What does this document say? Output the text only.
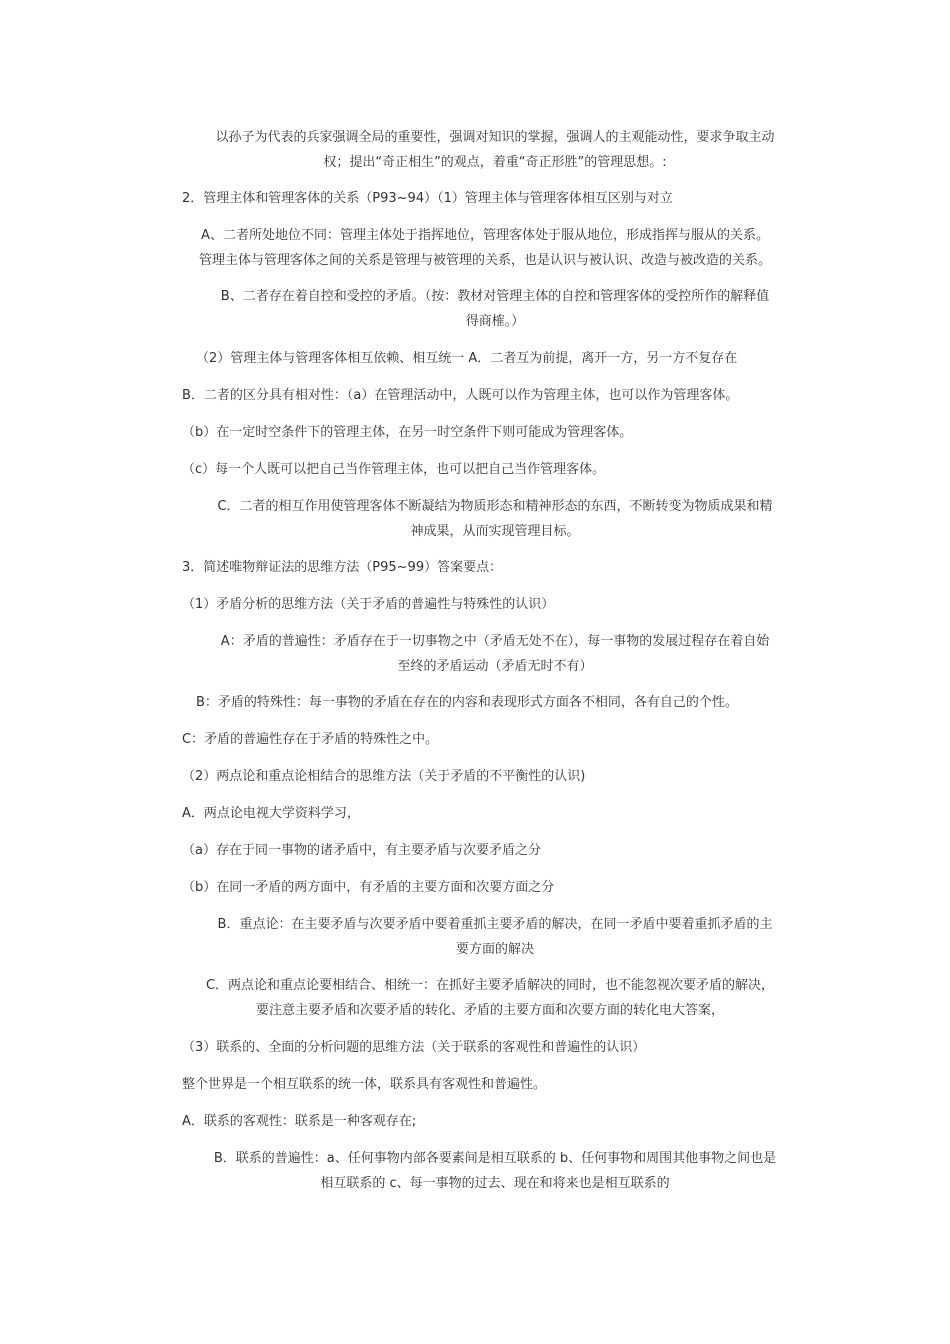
以孙子为代表的兵家强调全局的重要性，强调对知识的掌握，强调人的主观能动性，要求争取主动
权；提出“奇正相生”的观点，着重“奇正形胜”的管理思想。:
2．管理主体和管理客体的关系（P93~94）（1）管理主体与管理客体相互区别与对立
A、二者所处地位不同：管理主体处于指挥地位，管理客体处于服从地位，形成指挥与服从的关系。
管理主体与管理客体之间的关系是管理与被管理的关系，也是认识与被认识、改造与被改造的关系。
B、二者存在着自控和受控的矛盾。（按：教材对管理主体的自控和管理客体的受控所作的解释值
得商榷。）
（2）管理主体与管理客体相互依赖、相互统一 A．二者互为前提，离开一方，另一方不复存在
B．二者的区分具有相对性：（a）在管理活动中，人既可以作为管理主体，也可以作为管理客体。
（b）在一定时空条件下的管理主体，在另一时空条件下则可能成为管理客体。
（c）每一个人既可以把自己当作管理主体，也可以把自己当作管理客体。
C．二者的相互作用使管理客体不断凝结为物质形态和精神形态的东西，不断转变为物质成果和精
神成果，从而实现管理目标。
3．简述唯物辩证法的思维方法（P95~99）答案要点：
（1）矛盾分析的思维方法（关于矛盾的普遍性与特殊性的认识）
A：矛盾的普遍性：矛盾存在于一切事物之中（矛盾无处不在），每一事物的发展过程存在着自始
至终的矛盾运动（矛盾无时不有）
B：矛盾的特殊性：每一事物的矛盾在存在的内容和表现形式方面各不相同，各有自己的个性。
C：矛盾的普遍性存在于矛盾的特殊性之中。
（2）两点论和重点论相结合的思维方法（关于矛盾的不平衡性的认识)
A．两点论电视大学资料学习，
（a）存在于同一事物的诸矛盾中，有主要矛盾与次要矛盾之分
（b）在同一矛盾的两方面中，有矛盾的主要方面和次要方面之分
B．重点论：在主要矛盾与次要矛盾中要着重抓主要矛盾的解决，在同一矛盾中要着重抓矛盾的主
要方面的解决
C．两点论和重点论要相结合、相统一：在抓好主要矛盾解决的同时，也不能忽视次要矛盾的解决，
要注意主要矛盾和次要矛盾的转化、矛盾的主要方面和次要方面的转化电大答案，
（3）联系的、全面的分析问题的思维方法（关于联系的客观性和普遍性的认识）
整个世界是一个相互联系的统一体，联系具有客观性和普遍性。
A．联系的客观性：联系是一种客观存在;
B．联系的普遍性：a、任何事物内部各要素间是相互联系的 b、任何事物和周围其他事物之间也是
相互联系的 c、每一事物的过去、现在和将来也是相互联系的
